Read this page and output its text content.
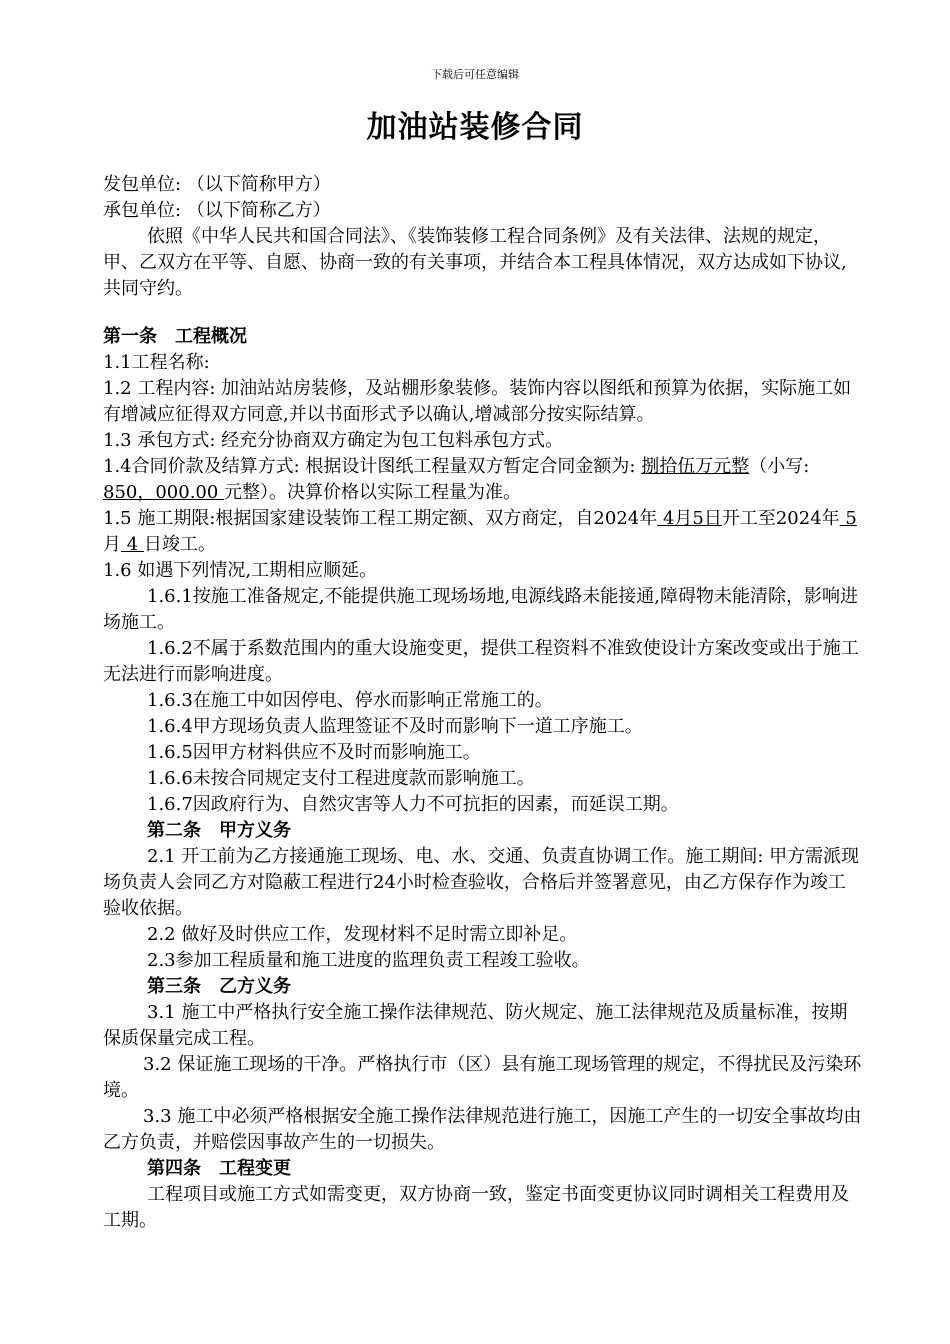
下载后可任意编辑
加油站装修合同

发包单位: （以下简称甲方）

承包单位: （以下简称乙方）

依照《中华人民共和国合同法》、《装饰装修工程合同条例》及有关法律、法规的规定， 甲、乙双方在平等、自愿、协商一致的有关事项，并结合本工程具体情况，双方达成如下协议,共同守约。

第一条　工程概况

1.1工程名称:

1.2 工程内容: 加油站站房装修，及站棚形象装修。装饰内容以图纸和预算为依据，实际施工如有增减应征得双方同意,并以书面形式予以确认,增减部分按实际结算。

1.3 承包方式: 经充分协商双方确定为包工包料承包方式。

1.4合同价款及结算方式: 根据设计图纸工程量双方暂定合同金额为: 捌拾伍万元整（小写: 850，000.00 元整）。决算价格以实际工程量为准。

1.5 施工期限:根据国家建设装饰工程工期定额、双方商定，自2024年 4月5日开工至2024年 5 月 4 日竣工。

1.6 如遇下列情况,工期相应顺延。

1.6.1按施工准备规定,不能提供施工现场场地,电源线路未能接通,障碍物未能清除，影响进场施工。

1.6.2不属于系数范围内的重大设施变更，提供工程资料不准致使设计方案改变或出于施工无法进行而影响进度。

1.6.3在施工中如因停电、停水而影响正常施工的。

1.6.4甲方现场负责人监理签证不及时而影响下一道工序施工。

1.6.5因甲方材料供应不及时而影响施工。

1.6.6未按合同规定支付工程进度款而影响施工。

1.6.7因政府行为、自然灾害等人力不可抗拒的因素，而延误工期。

第二条　甲方义务

2.1 开工前为乙方接通施工现场、电、水、交通、负责直协调工作。施工期间: 甲方需派现场负责人会同乙方对隐蔽工程进行24小时检查验收，合格后并签署意见，由乙方保存作为竣工验收依据。

2.2 做好及时供应工作，发现材料不足时需立即补足。

2.3参加工程质量和施工进度的监理负责工程竣工验收。

第三条　乙方义务

3.1 施工中严格执行安全施工操作法律规范、防火规定、施工法律规范及质量标准，按期保质保量完成工程。

3.2 保证施工现场的干净。严格执行市（区）县有施工现场管理的规定，不得扰民及污染环境。

3.3 施工中必须严格根据安全施工操作法律规范进行施工，因施工产生的一切安全事故均由乙方负责，并赔偿因事故产生的一切损失。

第四条　工程变更

工程项目或施工方式如需变更，双方协商一致，鉴定书面变更协议同时调相关工程费用及工期。
